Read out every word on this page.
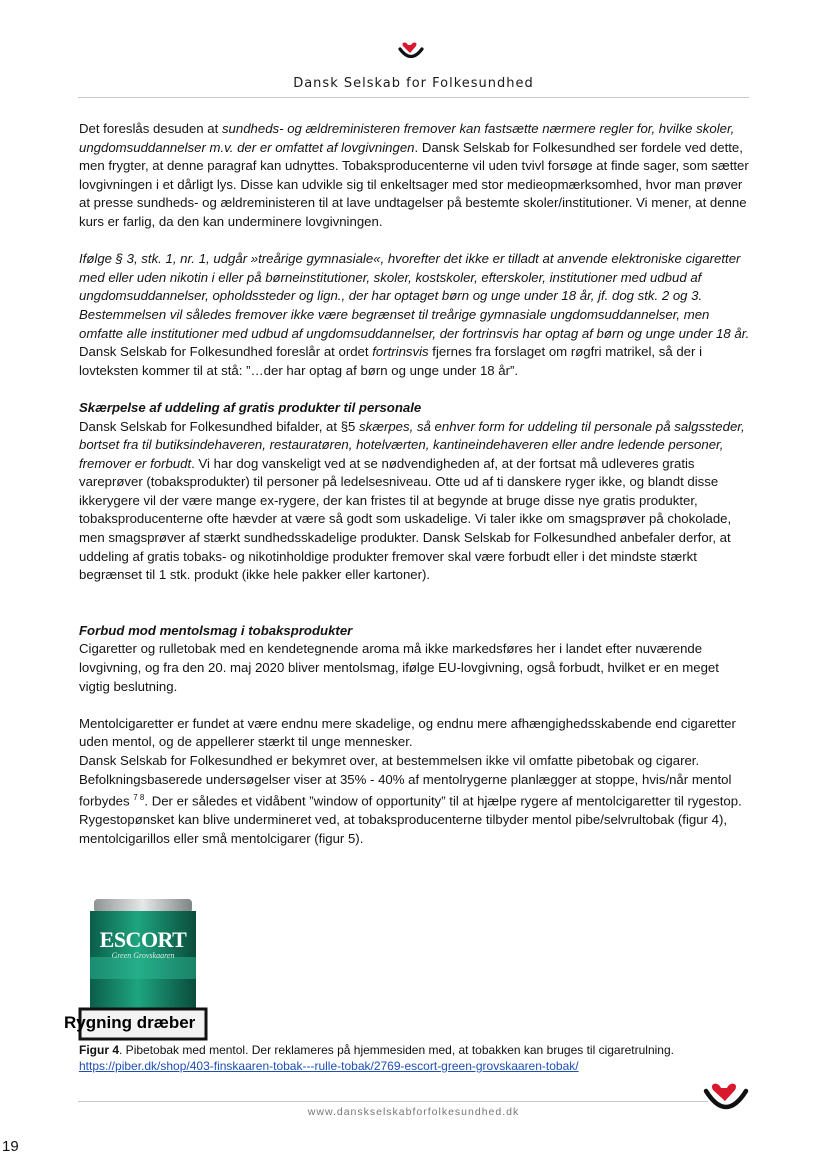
Dansk Selskab for Folkesundhed

Det foreslås desuden at sundheds- og ældreministeren fremover kan fastsætte nærmere regler for, hvilke skoler, ungdomsuddannelser m.v. der er omfattet af lovgivningen. Dansk Selskab for Folkesundhed ser fordele ved dette, men frygter, at denne paragraf kan udnyttes. Tobaksproducenterne vil uden tvivl forsøge at finde sager, som sætter lovgivningen i et dårligt lys. Disse kan udvikle sig til enkeltsager med stor medieopmærksomhed, hvor man prøver at presse sundheds- og ældreministeren til at lave undtagelser på bestemte skoler/institutioner. Vi mener, at denne kurs er farlig, da den kan underminere lovgivningen.

Ifølge § 3, stk. 1, nr. 1, udgår »treårige gymnasiale«, hvorefter det ikke er tilladt at anvende elektroniske cigaretter med eller uden nikotin i eller på børneinstitutioner, skoler, kostskoler, efterskoler, institutioner med udbud af ungdomsuddannelser, opholdssteder og lign., der har optaget børn og unge under 18 år, jf. dog stk. 2 og 3. Bestemmelsen vil således fremover ikke være begrænset til treårige gymnasiale ungdomsuddannelser, men omfatte alle institutioner med udbud af ungdomsuddannelser, der fortrinsvis har optag af børn og unge under 18 år.

Dansk Selskab for Folkesundhed foreslår at ordet fortrinsvis fjernes fra forslaget om røgfri matrikel, så der i lovteksten kommer til at stå: ”…der har optag af børn og unge under 18 år”.

Skærpelse af uddeling af gratis produkter til personale

Dansk Selskab for Folkesundhed bifalder, at §5 skærpes, så enhver form for uddeling til personale på salgssteder, bortset fra til butiksindehaveren, restauratøren, hotelværten, kantineindehaveren eller andre ledende personer, fremover er forbudt. Vi har dog vanskeligt ved at se nødvendigheden af, at der fortsat må udleveres gratis vareprøver (tobaksprodukter) til personer på ledelsesniveau. Otte ud af ti danskere ryger ikke, og blandt disse ikkerygere vil der være mange ex-rygere, der kan fristes til at begynde at bruge disse nye gratis produkter, tobaksproducenterne ofte hævder at være så godt som uskadelige. Vi taler ikke om smagsprøver på chokolade, men smagsprøver af stærkt sundhedsskadelige produkter. Dansk Selskab for Folkesundhed anbefaler derfor, at uddeling af gratis tobaks- og nikotinholdige produkter fremover skal være forbudt eller i det mindste stærkt begrænset til 1 stk. produkt (ikke hele pakker eller kartoner).

Forbud mod mentolsmag i tobaksprodukter

Cigaretter og rulletobak med en kendetegnende aroma må ikke markedsføres her i landet efter nuværende lovgivning, og fra den 20. maj 2020 bliver mentolsmag, ifølge EU-lovgivning, også forbudt, hvilket er en meget vigtig beslutning.

Mentolcigaretter er fundet at være endnu mere skadelige, og endnu mere afhængighedsskabende end cigaretter uden mentol, og de appellerer stærkt til unge mennesker.

Dansk Selskab for Folkesundhed er bekymret over, at bestemmelsen ikke vil omfatte pibetobak og cigarer. Befolkningsbaserede undersøgelser viser at 35% - 40% af mentolrygerne planlægger at stoppe, hvis/når mentol forbydes $^{7 8}$. Der er således et vidåbent ”window of opportunity” til at hjælpe rygere af mentolcigaretter til rygestop. Rygestopønsket kan blive undermineret ved, at tobaksproducenterne tilbyder mentol pibe/selvrultobak (figur 4), mentolcigarillos eller små mentolcigarer (figur 5).

ESCORT
Green Grovskaaren
Rygning dræber
Figur 4. Pibetobak med mentol. Der reklameres på hjemmesiden med, at tobakken kan bruges til cigaretrulning.
https://piber.dk/shop/403-finskaaren-tobak---rulle-tobak/2769-escort-green-grovskaaren-tobak/
www.danskselskabforfolkesundhed.dk
19
